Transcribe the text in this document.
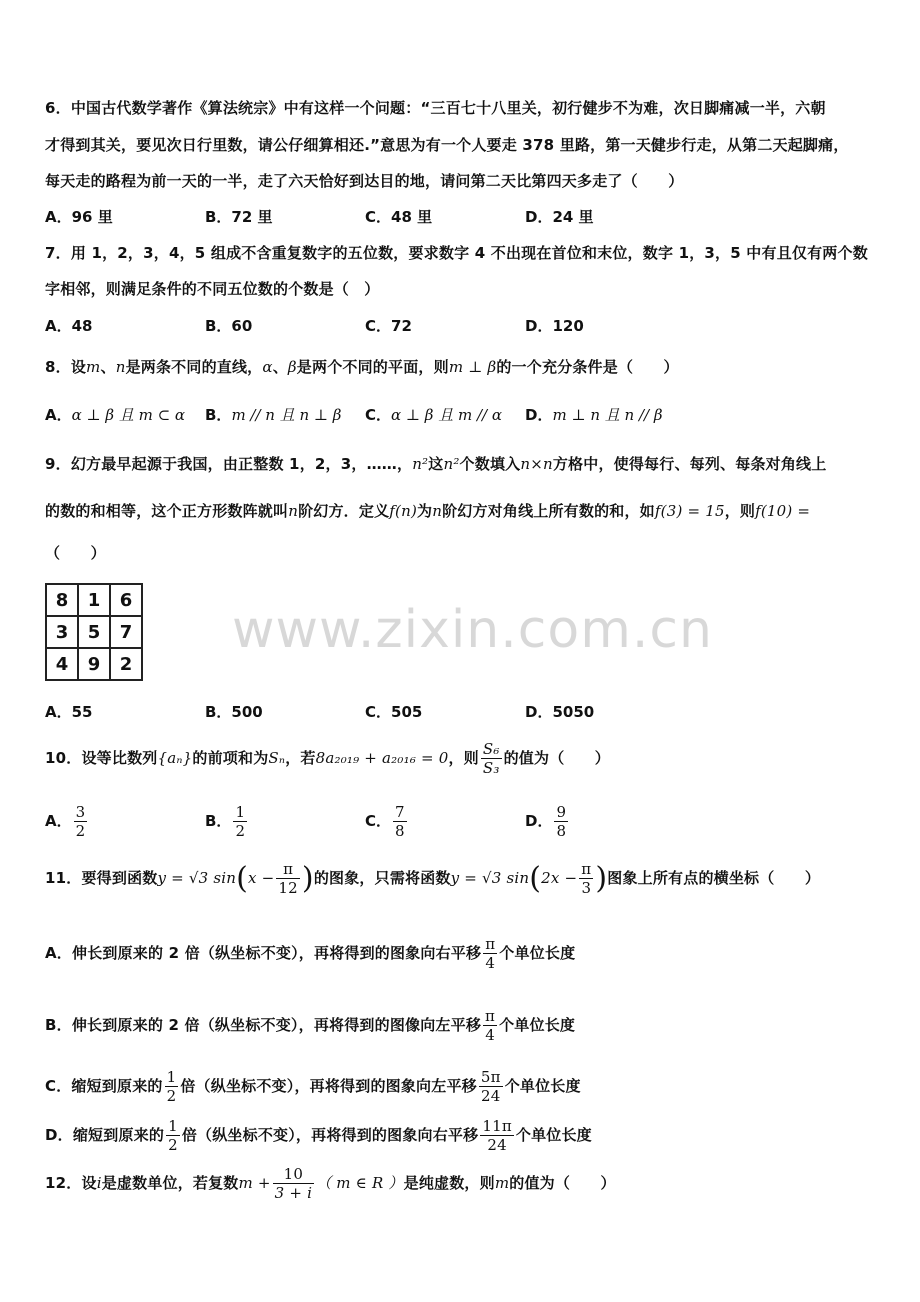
www.zixin.com.cn
6．中国古代数学著作《算法统宗》中有这样一个问题：“三百七十八里关，初行健步不为难，次日脚痛减一半，六朝
才得到其关，要见次日行里数，请公仔细算相还.”意思为有一个人要走 378 里路，第一天健步行走，从第二天起脚痛，
每天走的路程为前一天的一半，走了六天恰好到达目的地，请问第二天比第四天多走了（　　）
A．96 里	B．72 里	C．48 里	D．24 里
7．用 1，2，3，4，5 组成不含重复数字的五位数，要求数字 4 不出现在首位和末位，数字 1，3，5 中有且仅有两个数
字相邻，则满足条件的不同五位数的个数是（　）
A．48	B．60	C．72	D．120
8．设m、n是两条不同的直线，α、β是两个不同的平面，则m ⊥ β的一个充分条件是（　　）
A．α ⊥ β 且 m ⊂ α B．m // n 且 n ⊥ β C．α ⊥ β 且 m // α D．m ⊥ n 且 n // β
9．幻方最早起源于我国，由正整数 1，2，3，……，n²这n²个数填入n×n方格中，使得每行、每列、每条对角线上
的数的和相等，这个正方形数阵就叫n阶幻方．定义f(n)为n阶幻方对角线上所有数的和，如f(3) = 15，则f(10) =
（　　）
8	1	6
3	5	7
4	9	2
A．55	B．500	C．505	D．5050
10．设等比数列{aₙ}的前项和为Sₙ，若8a₂₀₁₉ + a₂₀₁₆ = 0，则 $\frac{\text{S₆}}{\text{S₃}}$ 的值为（　　）
A． $\frac{3}{2}$	B． $\frac{1}{2}$	C． $\frac{7}{8}$	D． $\frac{9}{8}$
11．要得到函数y = √3 $\sin(x - \frac{\pi}{12}$ )的图象，只需将函数y = √3 $\sin(2x - \frac{\pi}{3}$ )图象上所有点的横坐标（　　）
A．伸长到原来的 2 倍（纵坐标不变），再将得到的图象向右平移 $\frac{\pi}{4}$ 个单位长度
B．伸长到原来的 2 倍（纵坐标不变），再将得到的图像向左平移 $\frac{\pi}{4}$ 个单位长度
C．缩短到原来的 $\frac{1}{2}$ 倍（纵坐标不变），再将得到的图象向左平移 $\frac{5\pi}{24}$ 个单位长度
D．缩短到原来的 $\frac{1}{2}$ 倍（纵坐标不变），再将得到的图象向右平移 $\frac{11\pi}{24}$ 个单位长度
12．设i是虚数单位，若复数$m + \frac{10}{3 + i}$ （ m ∈ R ）是纯虚数，则m的值为（　　）
